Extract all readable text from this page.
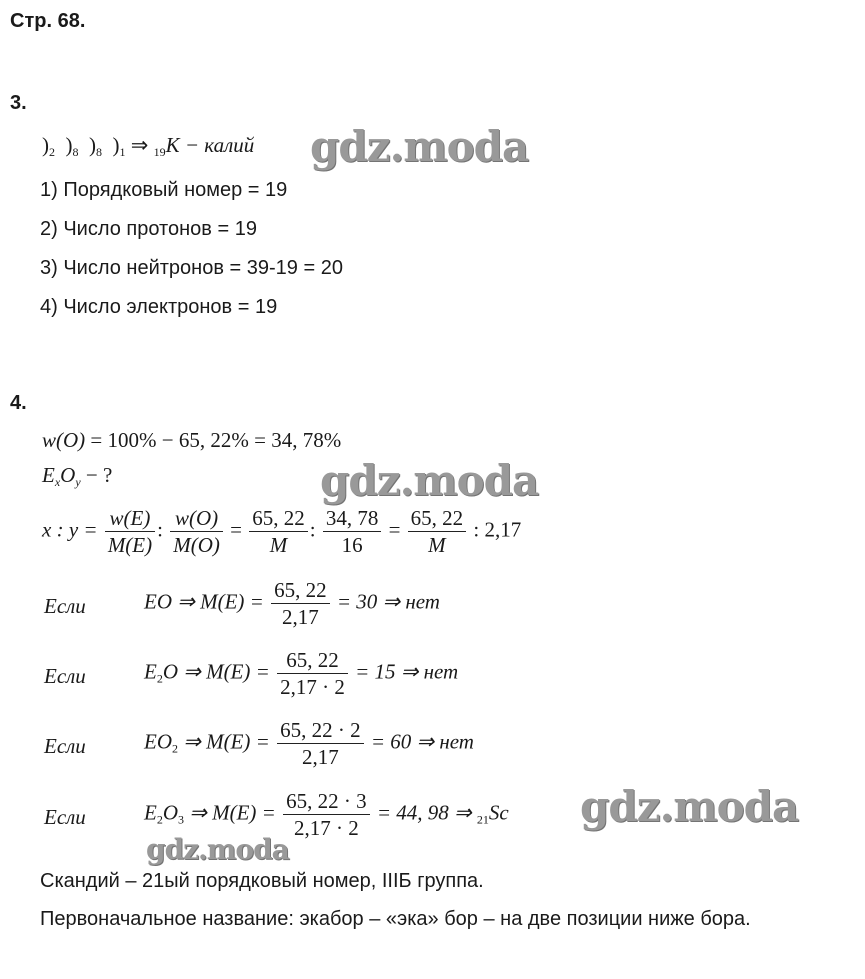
Стр. 68.
3.
)2 )8 )8 )1 ⇒ 19K − калий
1) Порядковый номер = 19
2) Число протонов = 19
3) Число нейтронов = 39-19 = 20
4) Число электронов = 19
4.
w(O) = 100% − 65, 22% = 34, 78%
ExOy − ?
x : $y = \frac{w(E)}{M(E)}$ : $\frac{w(O)}{M(O)} = \frac{65, 22}{M}$ : $\frac{34, 78}{16} = \frac{65, 22}{M}$ : 2,17
Если	EO ⇒ $M(E) = \frac{65, 22}{2,17} = 30$ ⇒ нет
Если	E2O ⇒ $M(E) = \frac{65, 22}{2,17 \cdot 2} = 15$ ⇒ нет
Если	EO2 ⇒ $M(E) = \frac{65, 22 \cdot 2}{2,17} = 60$ ⇒ нет
Если	E2O3 ⇒ $M(E) = \frac{65, 22 \cdot 3}{2,17 \cdot 2} = 44$, 98 ⇒ 21Sc
Скандий – 21ый порядковый номер, IIIБ группа.
Первоначальное название: экабор – «эка» бор – на две позиции ниже бора.
gdz.moda
gdz.moda
gdz.moda
gdz.moda
